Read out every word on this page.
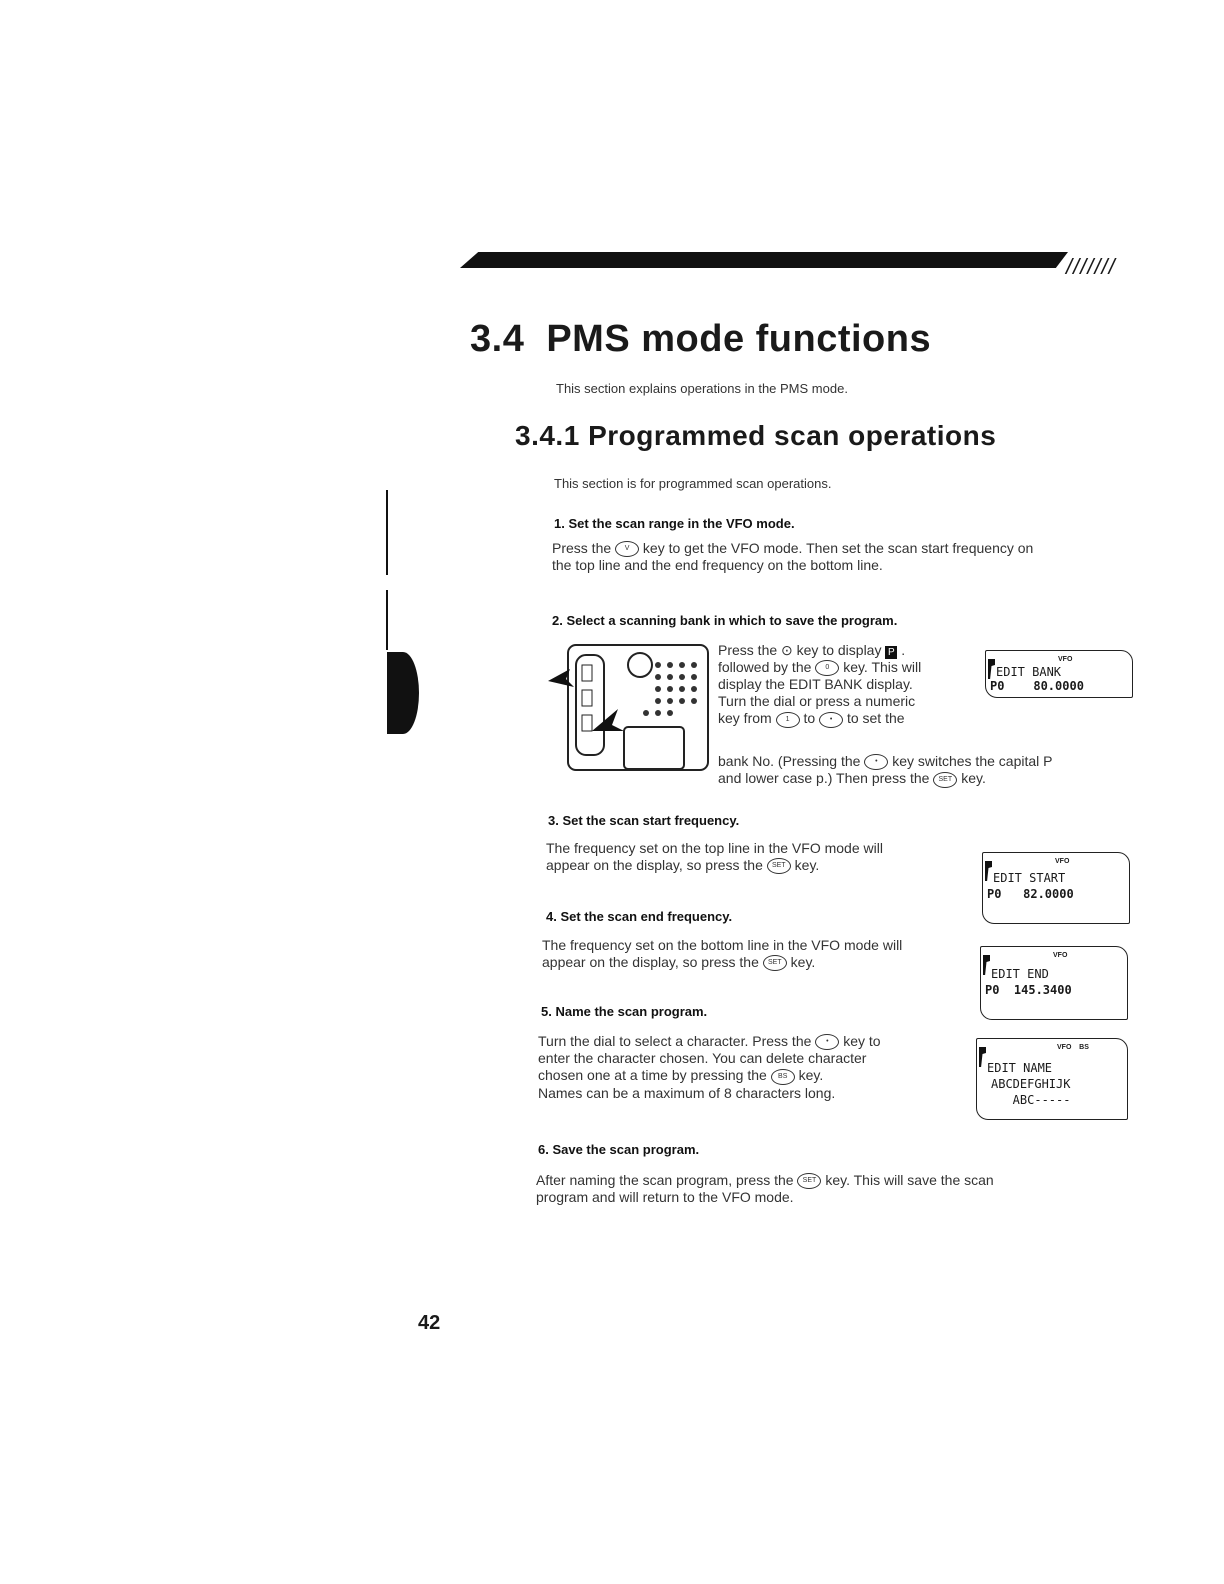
///////
3.4 PMS mode functions
This section explains operations in the PMS mode.
3.4.1 Programmed scan operations
This section is for programmed scan operations.
1. Set the scan range in the VFO mode.
Press the V key to get the VFO mode. Then set the scan start frequency on
the top line and the end frequency on the bottom line.
2. Select a scanning bank in which to save the program.
Press the ⊙ key to display P .
followed by the 0 key. This will
display the EDIT BANK display.
Turn the dial or press a numeric
key from 1 to • to set the
bank No. (Pressing the • key switches the capital P
and lower case p.) Then press the SET key.
VFO
EDIT BANK
P0    80.0000
3. Set the scan start frequency.
The frequency set on the top line in the VFO mode will
appear on the display, so press the SET key.	VFO
EDIT START
P0   82.0000
4. Set the scan end frequency.
The frequency set on the bottom line in the VFO mode will
appear on the display, so press the SET key.	VFO
EDIT END
P0  145.3400
5. Name the scan program.
Turn the dial to select a character. Press the • key to
enter the character chosen. You can delete character
chosen one at a time by pressing the BS key.
Names can be a maximum of 8 characters long.
VFO    BS
EDIT NAME
ABCDEFGHIJK
ABC-----
6. Save the scan program.
After naming the scan program, press the SET key. This will save the scan
program and will return to the VFO mode.
42
